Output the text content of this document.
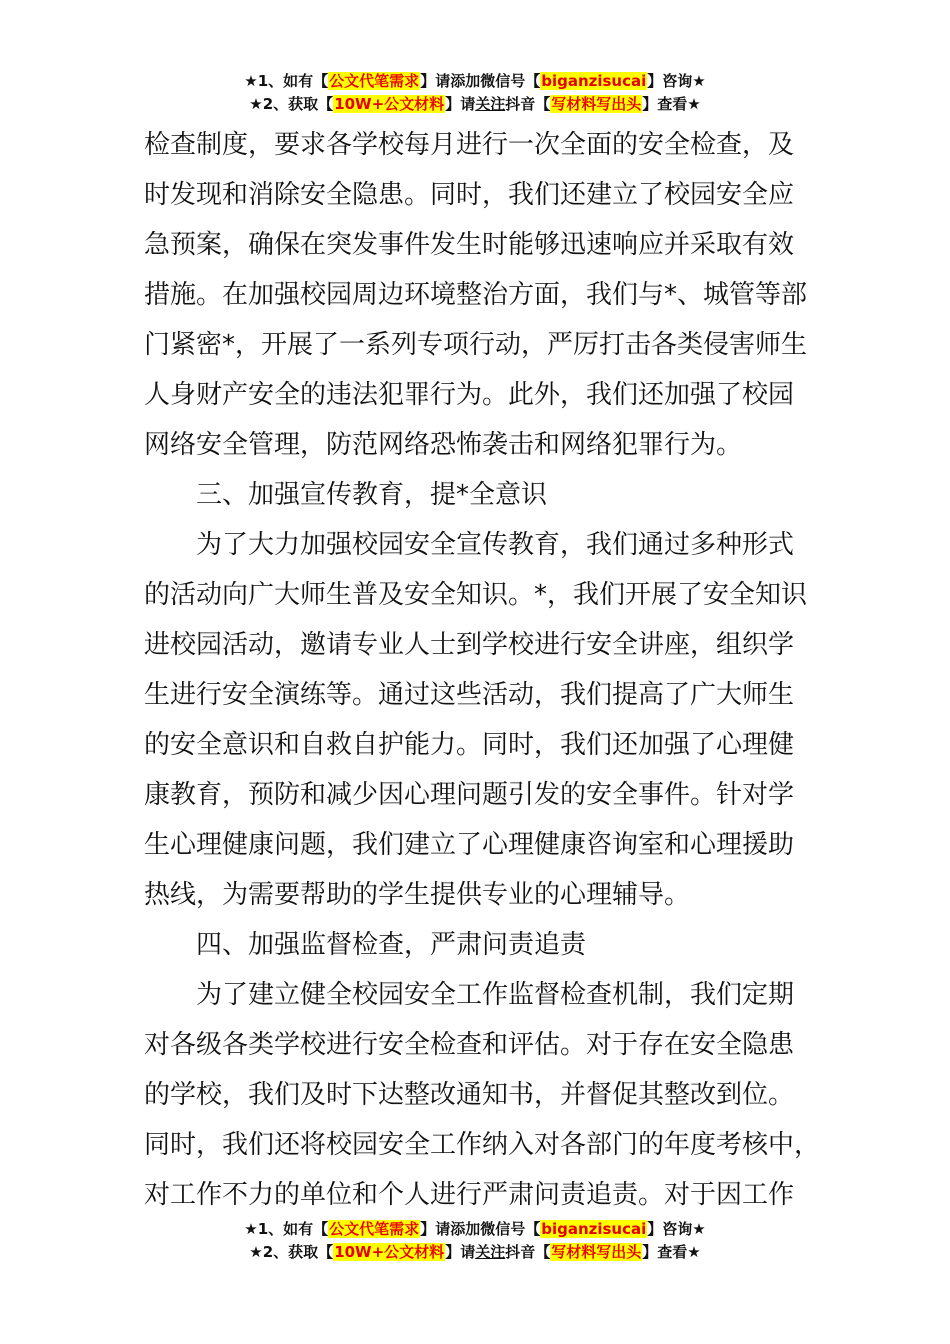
★1、如有【公文代笔需求】请添加微信号【biganzisucai】咨询★
★2、获取【10W+公文材料】请关注抖音【写材料写出头】查看★
检查制度，要求各学校每月进行一次全面的安全检查，及
时发现和消除安全隐患。同时，我们还建立了校园安全应
急预案，确保在突发事件发生时能够迅速响应并采取有效
措施。在加强校园周边环境整治方面，我们与*、城管等部
门紧密*，开展了一系列专项行动，严厉打击各类侵害师生
人身财产安全的违法犯罪行为。此外，我们还加强了校园
网络安全管理，防范网络恐怖袭击和网络犯罪行为。
三、加强宣传教育，提*全意识
为了大力加强校园安全宣传教育，我们通过多种形式
的活动向广大师生普及安全知识。*，我们开展了安全知识
进校园活动，邀请专业人士到学校进行安全讲座，组织学
生进行安全演练等。通过这些活动，我们提高了广大师生
的安全意识和自救自护能力。同时，我们还加强了心理健
康教育，预防和减少因心理问题引发的安全事件。针对学
生心理健康问题，我们建立了心理健康咨询室和心理援助
热线，为需要帮助的学生提供专业的心理辅导。
四、加强监督检查，严肃问责追责
为了建立健全校园安全工作监督检查机制，我们定期
对各级各类学校进行安全检查和评估。对于存在安全隐患
的学校，我们及时下达整改通知书，并督促其整改到位。
同时，我们还将校园安全工作纳入对各部门的年度考核中，
对工作不力的单位和个人进行严肃问责追责。对于因工作
★1、如有【公文代笔需求】请添加微信号【biganzisucai】咨询★
★2、获取【10W+公文材料】请关注抖音【写材料写出头】查看★
